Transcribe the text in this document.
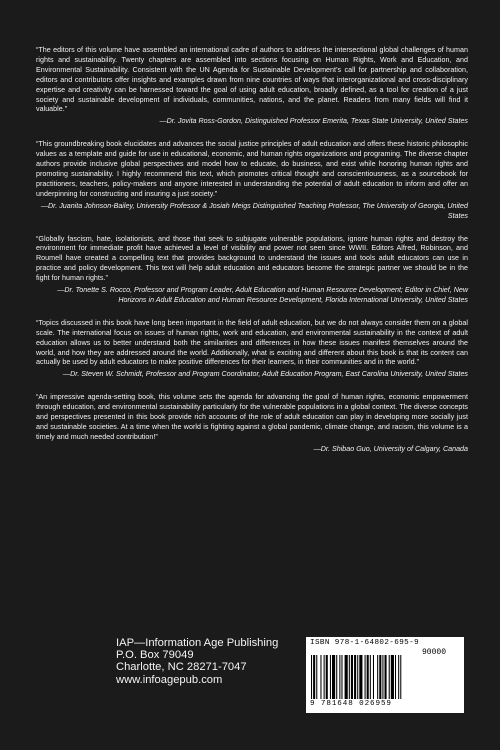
“The editors of this volume have assembled an international cadre of authors to address the intersectional global challenges of human rights and sustainability. Twenty chapters are assembled into sections focusing on Human Rights, Work and Education, and Environmental Sustainability. Consistent with the UN Agenda for Sustainable Development’s call for partnership and collaboration, editors and contributors offer insights and examples drawn from nine countries of ways that interorganizational and cross-disciplinary expertise and creativity can be harnessed toward the goal of using adult education, broadly defined, as a tool for creation of a just society and sustainable development of individuals, communities, nations, and the planet. Readers from many fields will find it valuable.”

—Dr. Jovita Ross-Gordon, Distinguished Professor Emerita, Texas State University, United States

“This groundbreaking book elucidates and advances the social justice principles of adult education and offers these historic philosophic values as a template and guide for use in educational, economic, and human rights organizations and programing. The diverse chapter authors provide inclusive global perspectives and model how to educate, do business, and exist while honoring human rights and promoting sustainability. I highly recommend this text, which promotes critical thought and conscientiousness, as a sourcebook for practitioners, teachers, policy-makers and anyone interested in understanding the potential of adult education to inform and offer an underpinning for constructing and insuring a just society.”

—Dr. Juanita Johnson-Bailey, University Professor & Josiah Meigs Distinguished Teaching Professor, The University of Georgia, United States

“Globally fascism, hate, isolationists, and those that seek to subjugate vulnerable populations, ignore human rights and destroy the environment for immediate profit have achieved a level of visibility and power not seen since WWII. Editors Alfred, Robinson, and Roumell have created a compelling text that provides background to understand the issues and tools adult educators can use in practice and policy development. This text will help adult education and educators become the strategic partner we should be in the fight for human rights.”

—Dr. Tonette S. Rocco, Professor and Program Leader, Adult Education and Human Resource Development; Editor in Chief, New Horizons in Adult Education and Human Resource Development, Florida International University, United States

“Topics discussed in this book have long been important in the field of adult education, but we do not always consider them on a global scale. The international focus on issues of human rights, work and education, and environmental sustainability in the context of adult education allows us to better understand both the similarities and differences in how these issues manifest themselves around the world, and how they are addressed around the world. Additionally, what is exciting and different about this book is that its content can actually be used by adult educators to make positive differences for their learners, in their communities and in the world.”

—Dr. Steven W. Schmidt, Professor and Program Coordinator, Adult Education Program, East Carolina University, United States

“An impressive agenda-setting book, this volume sets the agenda for advancing the goal of human rights, economic empowerment through education, and environmental sustainability particularly for the vulnerable populations in a global context. The diverse concepts and perspectives presented in this book provide rich accounts of the role of adult education can play in developing more socially just and sustainable societies. At a time when the world is fighting against a global pandemic, climate change, and racism, this volume is a timely and much needed contribution!”

—Dr. Shibao Guo, University of Calgary, Canada

IAP—Information Age Publishing
P.O. Box 79049
Charlotte, NC 28271-7047
www.infoagepub.com
ISBN 978-1-64802-695-9
90000
9 781648 026959
